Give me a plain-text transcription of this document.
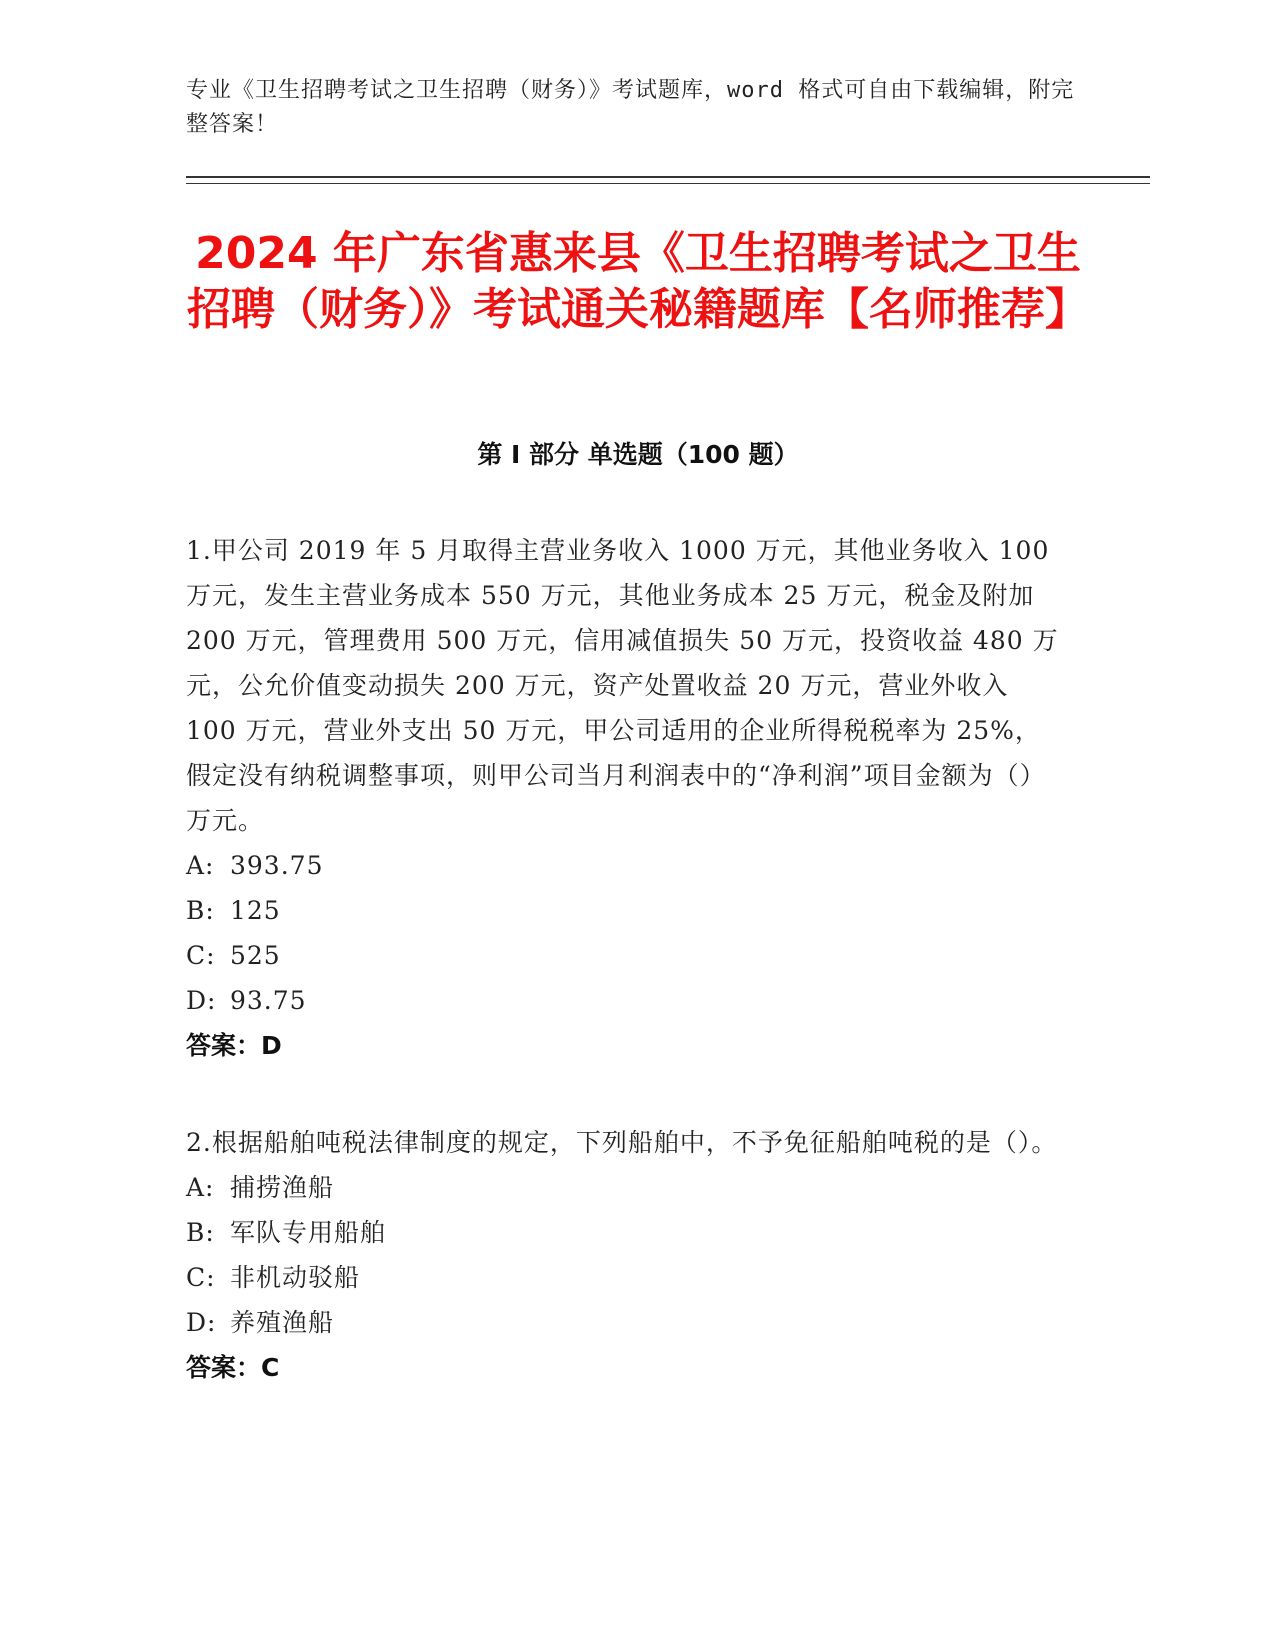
专业《卫生招聘考试之卫生招聘（财务）》考试题库，word 格式可自由下载编辑，附完整答案！
2024 年广东省惠来县《卫生招聘考试之卫生招聘（财务）》考试通关秘籍题库【名师推荐】
第 I 部分 单选题（100 题）
1.甲公司 2019 年 5 月取得主营业务收入 1000 万元，其他业务收入 100 万元，发生主营业务成本 550 万元，其他业务成本 25 万元，税金及附加 200 万元，管理费用 500 万元，信用减值损失 50 万元，投资收益 480 万元，公允价值变动损失 200 万元，资产处置收益 20 万元，营业外收入 100 万元，营业外支出 50 万元，甲公司适用的企业所得税税率为 25%，假定没有纳税调整事项，则甲公司当月利润表中的“净利润”项目金额为（）万元。
A: 393.75
B: 125
C: 525
D: 93.75
答案：D
2.根据船舶吨税法律制度的规定，下列船舶中，不予免征船舶吨税的是（）。
A: 捕捞渔船
B: 军队专用船舶
C: 非机动驳船
D: 养殖渔船
答案：C
